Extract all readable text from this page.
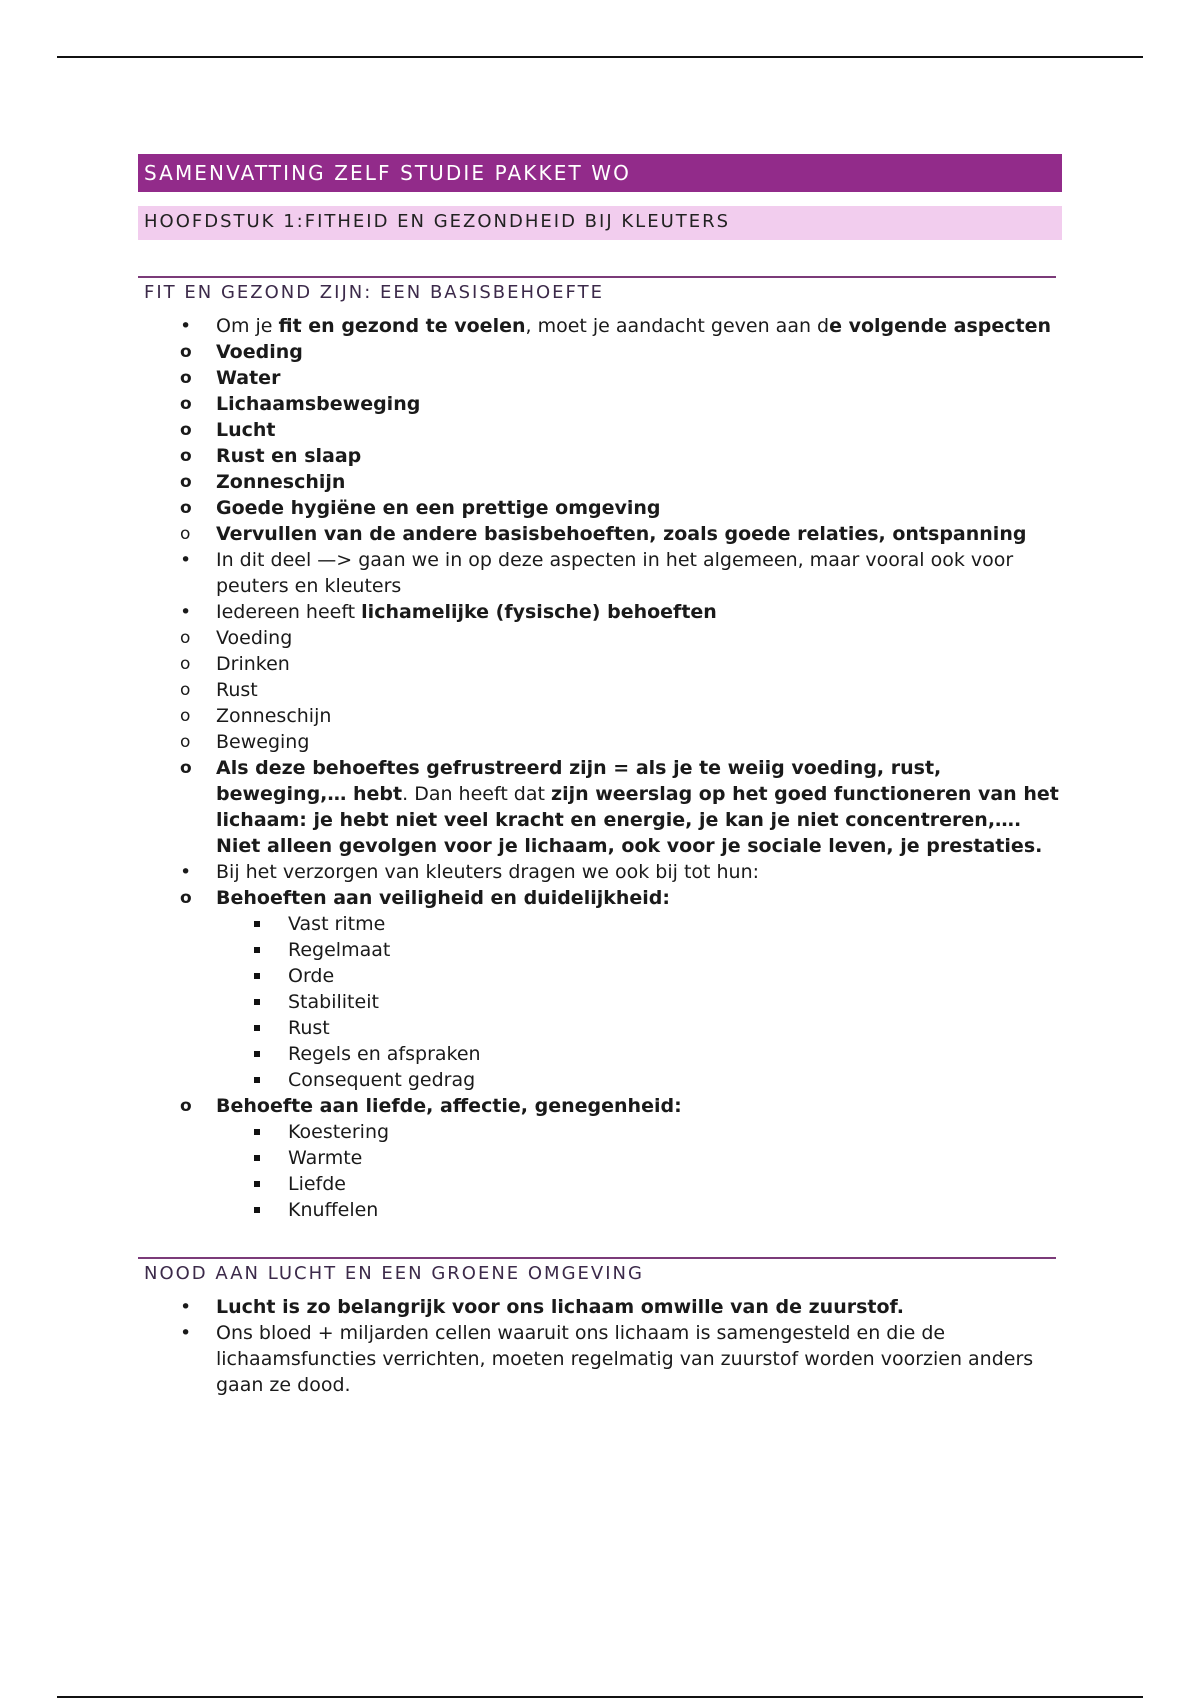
SAMENVATTING ZELF STUDIE PAKKET WO
HOOFDSTUK 1:FITHEID EN GEZONDHEID BIJ KLEUTERS
FIT EN GEZOND ZIJN: EEN BASISBEHOEFTE
• Om je fit en gezond te voelen, moet je aandacht geven aan de volgende aspecten
o Voeding
o Water
o Lichaamsbeweging
o Lucht
o Rust en slaap
o Zonneschijn
o Goede hygiëne en een prettige omgeving
o Vervullen van de andere basisbehoeften, zoals goede relaties, ontspanning
• In dit deel —> gaan we in op deze aspecten in het algemeen, maar vooral ook voor peuters en kleuters
• Iedereen heeft lichamelijke (fysische) behoeften
o Voeding
o Drinken
o Rust
o Zonneschijn
o Beweging
o Als deze behoeftes gefrustreerd zijn = als je te weiig voeding, rust, beweging,… hebt. Dan heeft dat zijn weerslag op het goed functioneren van het lichaam: je hebt niet veel kracht en energie, je kan je niet concentreren,…. Niet alleen gevolgen voor je lichaam, ook voor je sociale leven, je prestaties.
• Bij het verzorgen van kleuters dragen we ook bij tot hun:
o Behoeften aan veiligheid en duidelijkheid:
Vast ritme
Regelmaat
Orde
Stabiliteit
Rust
Regels en afspraken
Consequent gedrag
o Behoefte aan liefde, affectie, genegenheid:
Koestering
Warmte
Liefde
Knuffelen
NOOD AAN LUCHT EN EEN GROENE OMGEVING
• Lucht is zo belangrijk voor ons lichaam omwille van de zuurstof.
• Ons bloed + miljarden cellen waaruit ons lichaam is samengesteld en die de lichaamsfuncties verrichten, moeten regelmatig van zuurstof worden voorzien anders gaan ze dood.
